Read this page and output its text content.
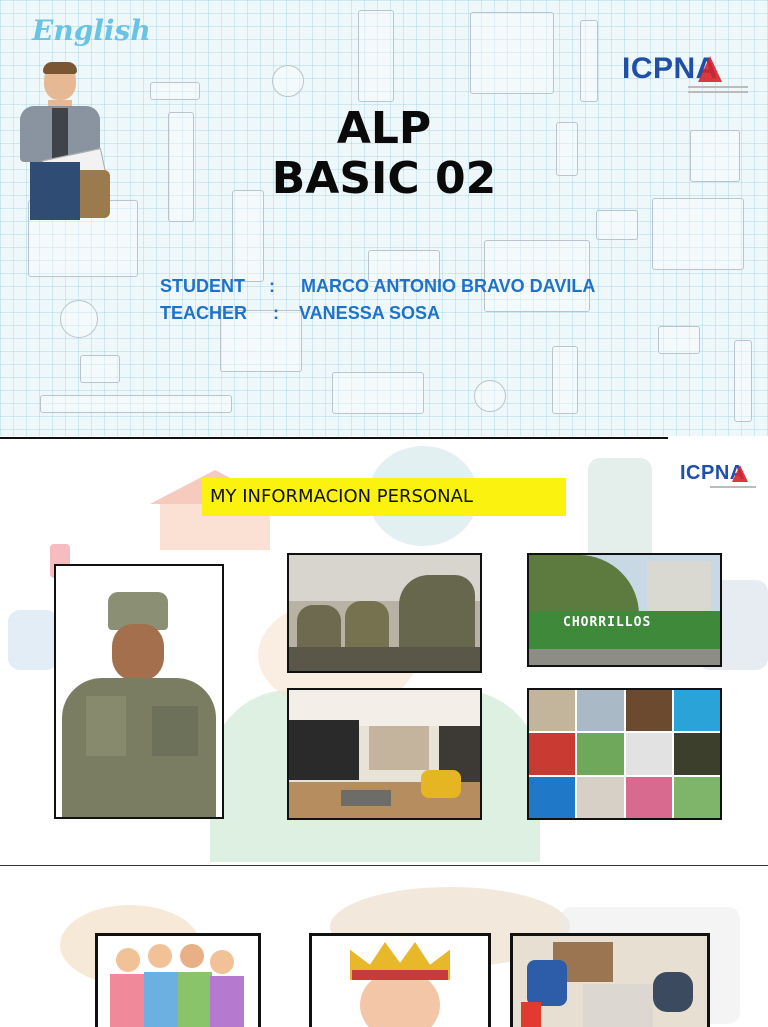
English
ICPNA
ALP
BASIC 02
STUDENT : MARCO ANTONIO BRAVO DAVILA
TEACHER : VANESSA SOSA
ICPNA
MY INFORMACION PERSONAL
CHORRILLOS
